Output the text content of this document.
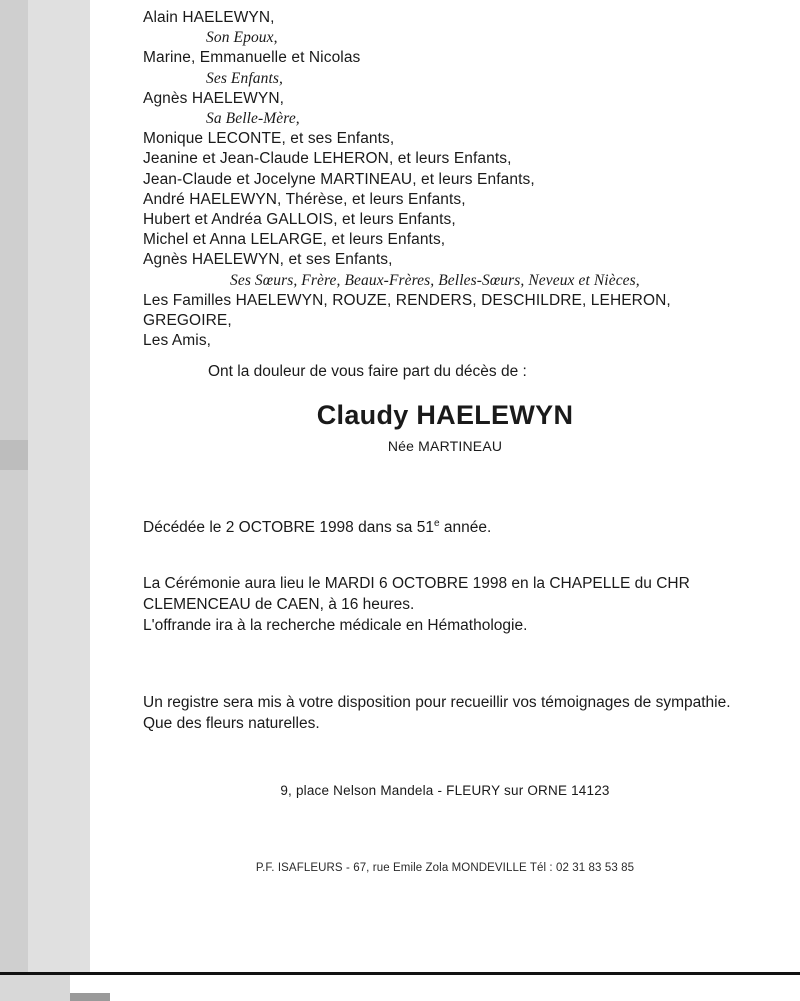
Alain HAELEWYN,
Son Epoux,
Marine, Emmanuelle et Nicolas
Ses Enfants,
Agnès HAELEWYN,
Sa Belle-Mère,
Monique LECONTE, et ses Enfants,
Jeanine et Jean-Claude LEHERON, et leurs Enfants,
Jean-Claude et Jocelyne MARTINEAU, et leurs Enfants,
André HAELEWYN, Thérèse, et leurs Enfants,
Hubert et Andréa GALLOIS, et leurs Enfants,
Michel et Anna LELARGE, et leurs Enfants,
Agnès HAELEWYN, et ses Enfants,
Ses Sœurs, Frère, Beaux-Frères, Belles-Sœurs, Neveux et Nièces,
Les Familles HAELEWYN, ROUZE, RENDERS, DESCHILDRE, LEHERON,
GREGOIRE,
Les Amis,
Ont la douleur de vous faire part du décès de :
Claudy HAELEWYN
Née MARTINEAU
Décédée le 2 OCTOBRE 1998 dans sa 51e année.
La Cérémonie aura lieu le MARDI 6 OCTOBRE 1998 en la CHAPELLE du CHR
CLEMENCEAU de CAEN, à 16 heures.
L'offrande ira à la recherche médicale en Hémathologie.
Un registre sera mis à votre disposition pour recueillir vos témoignages de sympathie.
Que des fleurs naturelles.
9, place Nelson Mandela - FLEURY sur ORNE 14123
P.F. ISAFLEURS - 67, rue Emile Zola MONDEVILLE Tél : 02 31 83 53 85
